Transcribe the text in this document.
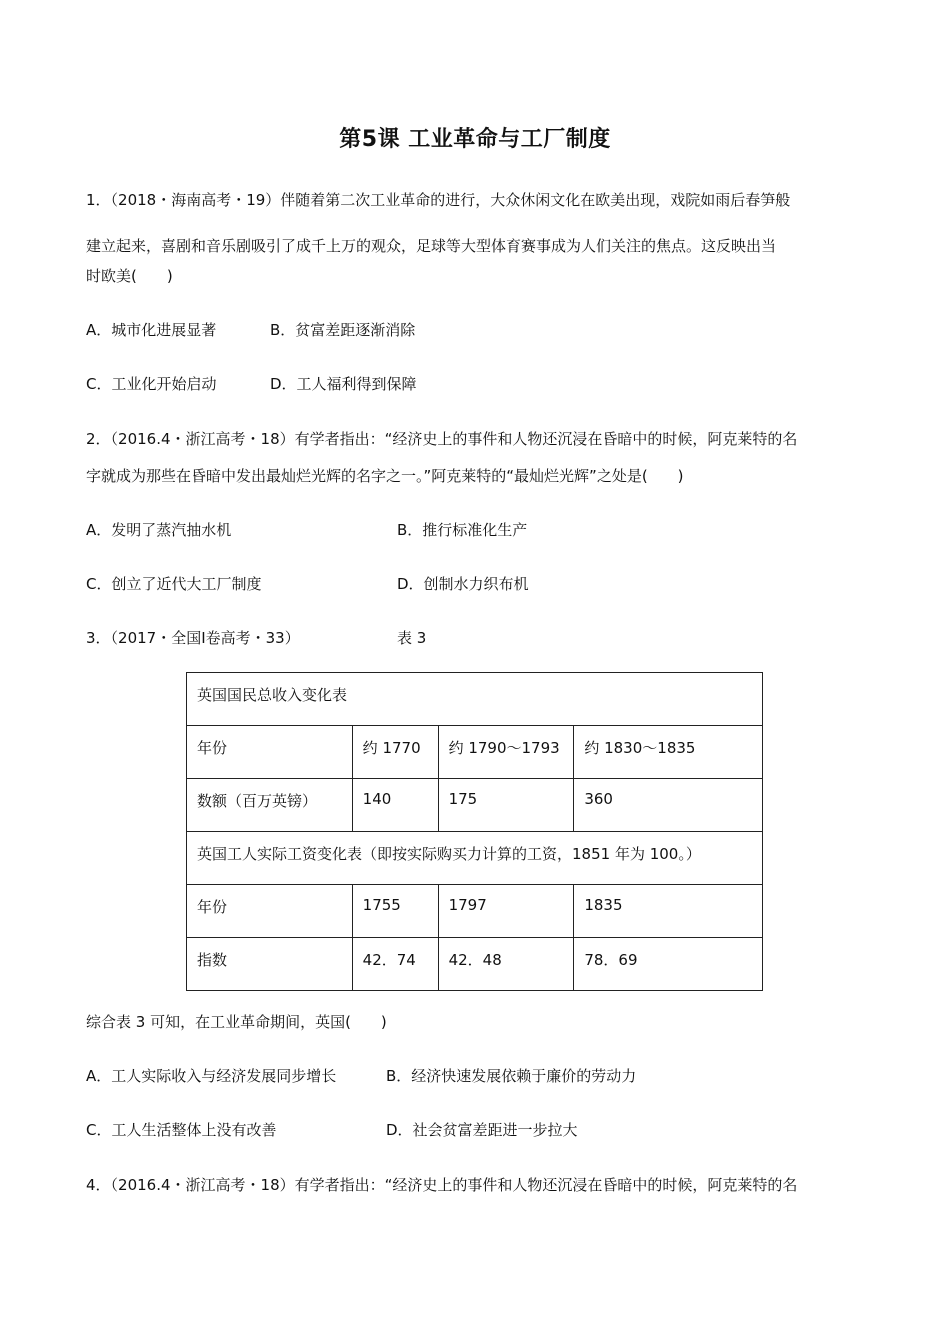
第5课 工业革命与工厂制度
1．（2018・海南高考・19）伴随着第二次工业革命的进行，大众休闲文化在欧美出现，戏院如雨后春笋般
建立起来，喜剧和音乐剧吸引了成千上万的观众，足球等大型体育赛事成为人们关注的焦点。这反映出当
时欧美(　　)
A．城市化进展显著	B．贫富差距逐渐消除
C．工业化开始启动	D．工人福利得到保障
2．（2016.4・浙江高考・18）有学者指出：“经济史上的事件和人物还沉浸在昏暗中的时候，阿克莱特的名
字就成为那些在昏暗中发出最灿烂光辉的名字之一。”阿克莱特的“最灿烂光辉”之处是(　　)
A．发明了蒸汽抽水机	B．推行标准化生产
C．创立了近代大工厂制度	D．创制水力织布机
3．（2017・全国Ⅰ卷高考・33）	表 3
英国国民总收入变化表			
年份	约 1770	约 1790～1793	约 1830～1835
数额（百万英镑）	140	175	360
英国工人实际工资变化表（即按实际购买力计算的工资，1851 年为 100。）			
年份	1755	1797	1835
指数	42．74	42．48	78．69
综合表 3 可知，在工业革命期间，英国(　　)
A．工人实际收入与经济发展同步增长	B．经济快速发展依赖于廉价的劳动力
C．工人生活整体上没有改善	D．社会贫富差距进一步拉大
4．（2016.4・浙江高考・18）有学者指出：“经济史上的事件和人物还沉浸在昏暗中的时候，阿克莱特的名
